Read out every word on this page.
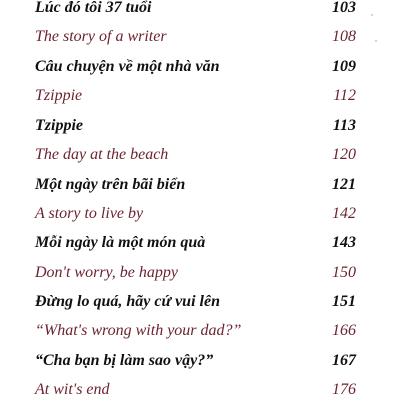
Lúc đó tôi 37 tuổi	103
The story of a writer	108
Câu chuyện về một nhà văn	109
Tzippie	112
Tzippie	113
The day at the beach	120
Một ngày trên bãi biển	121
A story to live by	142
Mỗi ngày là một món quà	143
Don't worry, be happy	150
Đừng lo quá, hãy cứ vui lên	151
“What's wrong with your dad?”	166
“Cha bạn bị làm sao vậy?”	167
At wit's end	176
